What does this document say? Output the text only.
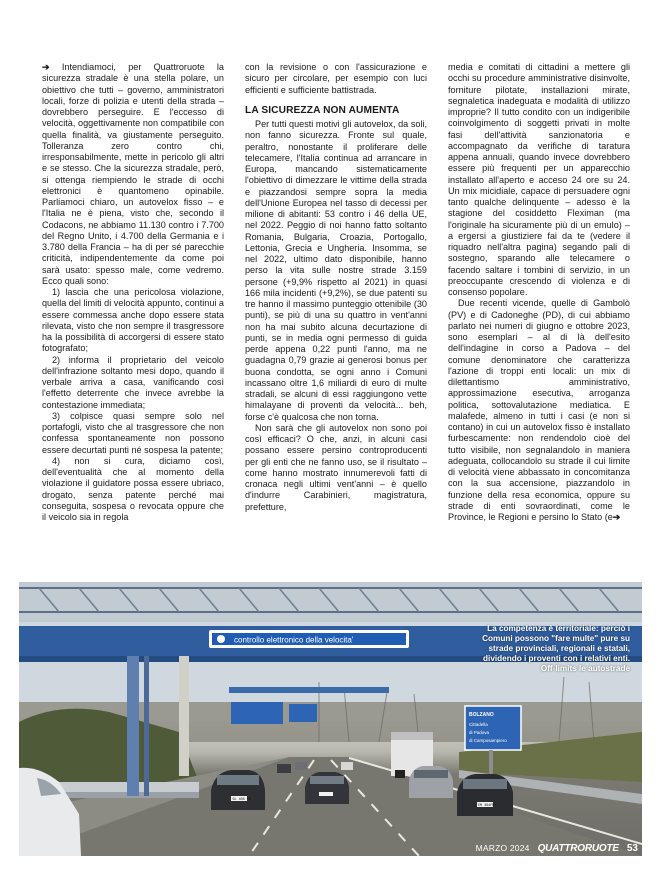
➔ Intendiamoci, per Quattroruote la sicurezza stradale è una stella polare, un obiettivo che tutti – governo, amministratori locali, forze di polizia e utenti della strada – dovrebbero perseguire. E l'eccesso di velocità, oggettivamente non compatibile con quella finalità, va giustamente perseguito. Tolleranza zero contro chi, irresponsabilmente, mette in pericolo gli altri e se stesso. Che la sicurezza stradale, però, si ottenga riempiendo le strade di occhi elettronici è quantomeno opinabile. Parliamoci chiaro, un autovelox fisso – e l'Italia ne è piena, visto che, secondo il Codacons, ne abbiamo 11.130 contro i 7.700 del Regno Unito, i 4.700 della Germania e i 3.780 della Francia – ha di per sé parecchie criticità, indipendentemente da come poi sarà usato: spesso male, come vedremo. Ecco quali sono:

1) lascia che una pericolosa violazione, quella del limiti di velocità appunto, continui a essere commessa anche dopo essere stata rilevata, visto che non sempre il trasgressore ha la possibilità di accorgersi di essere stato fotografato;

2) informa il proprietario del veicolo dell'infrazione soltanto mesi dopo, quando il verbale arriva a casa, vanificando così l'effetto deterrente che invece avrebbe la contestazione immediata;

3) colpisce quasi sempre solo nel portafogli, visto che al trasgressore che non confessa spontaneamente non possono essere decurtati punti né sospesa la patente;

4) non si cura, diciamo così, dell'eventualità che al momento della violazione il guidatore possa essere ubriaco, drogato, senza patente perché mai conseguita, sospesa o revocata oppure che il veicolo sia in regola

con la revisione o con l'assicurazione e sicuro per circolare, per esempio con luci efficienti e sufficiente battistrada.

LA SICUREZZA NON AUMENTA

Per tutti questi motivi gli autovelox, da soli, non fanno sicurezza. Fronte sul quale, peraltro, nonostante il proliferare delle telecamere, l'Italia continua ad arrancare in Europa, mancando sistematicamente l'obiettivo di dimezzare le vittime della strada e piazzandosi sempre sopra la media dell'Unione Europea nel tasso di decessi per milione di abitanti: 53 contro i 46 della UE, nel 2022. Peggio di noi hanno fatto soltanto Romania, Bulgaria, Croazia, Portogallo, Lettonia, Grecia e Ungheria. Insomma, se nel 2022, ultimo dato disponibile, hanno perso la vita sulle nostre strade 3.159 persone (+9,9% rispetto al 2021) in quasi 166 mila incidenti (+9,2%), se due patenti su tre hanno il massimo punteggio ottenibile (30 punti), se più di una su quattro in vent'anni non ha mai subito alcuna decurtazione di punti, se in media ogni permesso di guida perde appena 0,22 punti l'anno, ma ne guadagna 0,79 grazie ai generosi bonus per buona condotta, se ogni anno i Comuni incassano oltre 1,6 miliardi di euro di multe stradali, se alcuni di essi raggiungono vette himalayane di proventi da velocità... beh, forse c'è qualcosa che non torna.

Non sarà che gli autovelox non sono poi così efficaci? O che, anzi, in alcuni casi possano essere persino controproducenti per gli enti che ne fanno uso, se il risultato – come hanno mostrato innumerevoli fatti di cronaca negli ultimi vent'anni – è quello d'indurre Carabinieri, magistratura, prefetture,

media e comitati di cittadini a mettere gli occhi su procedure amministrative disinvolte, forniture pilotate, installazioni mirate, segnaletica inadeguata e modalità di utilizzo improprie? Il tutto condito con un indigeribile coinvolgimento di soggetti privati in molte fasi dell'attività sanzionatoria e accompagnato da verifiche di taratura appena annuali, quando invece dovrebbero essere più frequenti per un apparecchio installato all'aperto e acceso 24 ore su 24. Un mix micidiale, capace di persuadere ogni tanto qualche delinquente – adesso è la stagione del cosiddetto Fleximan (ma l'originale ha sicuramente più di un emulo) – a ergersi a giustiziere fai da te (vedere il riquadro nell'altra pagina) segando pali di sostegno, sparando alle telecamere o facendo saltare i tombini di servizio, in un preoccupante crescendo di violenza e di consenso popolare.

Due recenti vicende, quelle di Gambolò (PV) e di Cadoneghe (PD), di cui abbiamo parlato nei numeri di giugno e ottobre 2023, sono esemplari – al di là dell'esito dell'indagine in corso a Padova – del comune denominatore che caratterizza l'azione di troppi enti locali: un mix di dilettantismo amministrativo, approssimazione esecutiva, arroganza politica, sottovalutazione mediatica. E malafede, almeno in tutti i casi (e non si contano) in cui un autovelox fisso è installato furbescamente: non rendendolo cioè del tutto visibile, non segnalandolo in maniera adeguata, collocandolo su strade il cui limite di velocità viene abbassato in concomitanza con la sua accensione, piazzandolo in funzione della resa economica, oppure su strade di enti sovraordinati, come le Province, le Regioni e persino lo Stato (e➔

controllo elettronico della velocita'
BOLZANO
Cittadella
di Padova
di Camposampiero
GL 408 FK
EM 384FB
La competenza è territoriale: perciò i Comuni possono "fare multe" pure su strade provinciali, regionali e statali, dividendo i proventi con i relativi enti. Off-limits le autostrade
MARZO 2024 QUATTRORUOTE 53
